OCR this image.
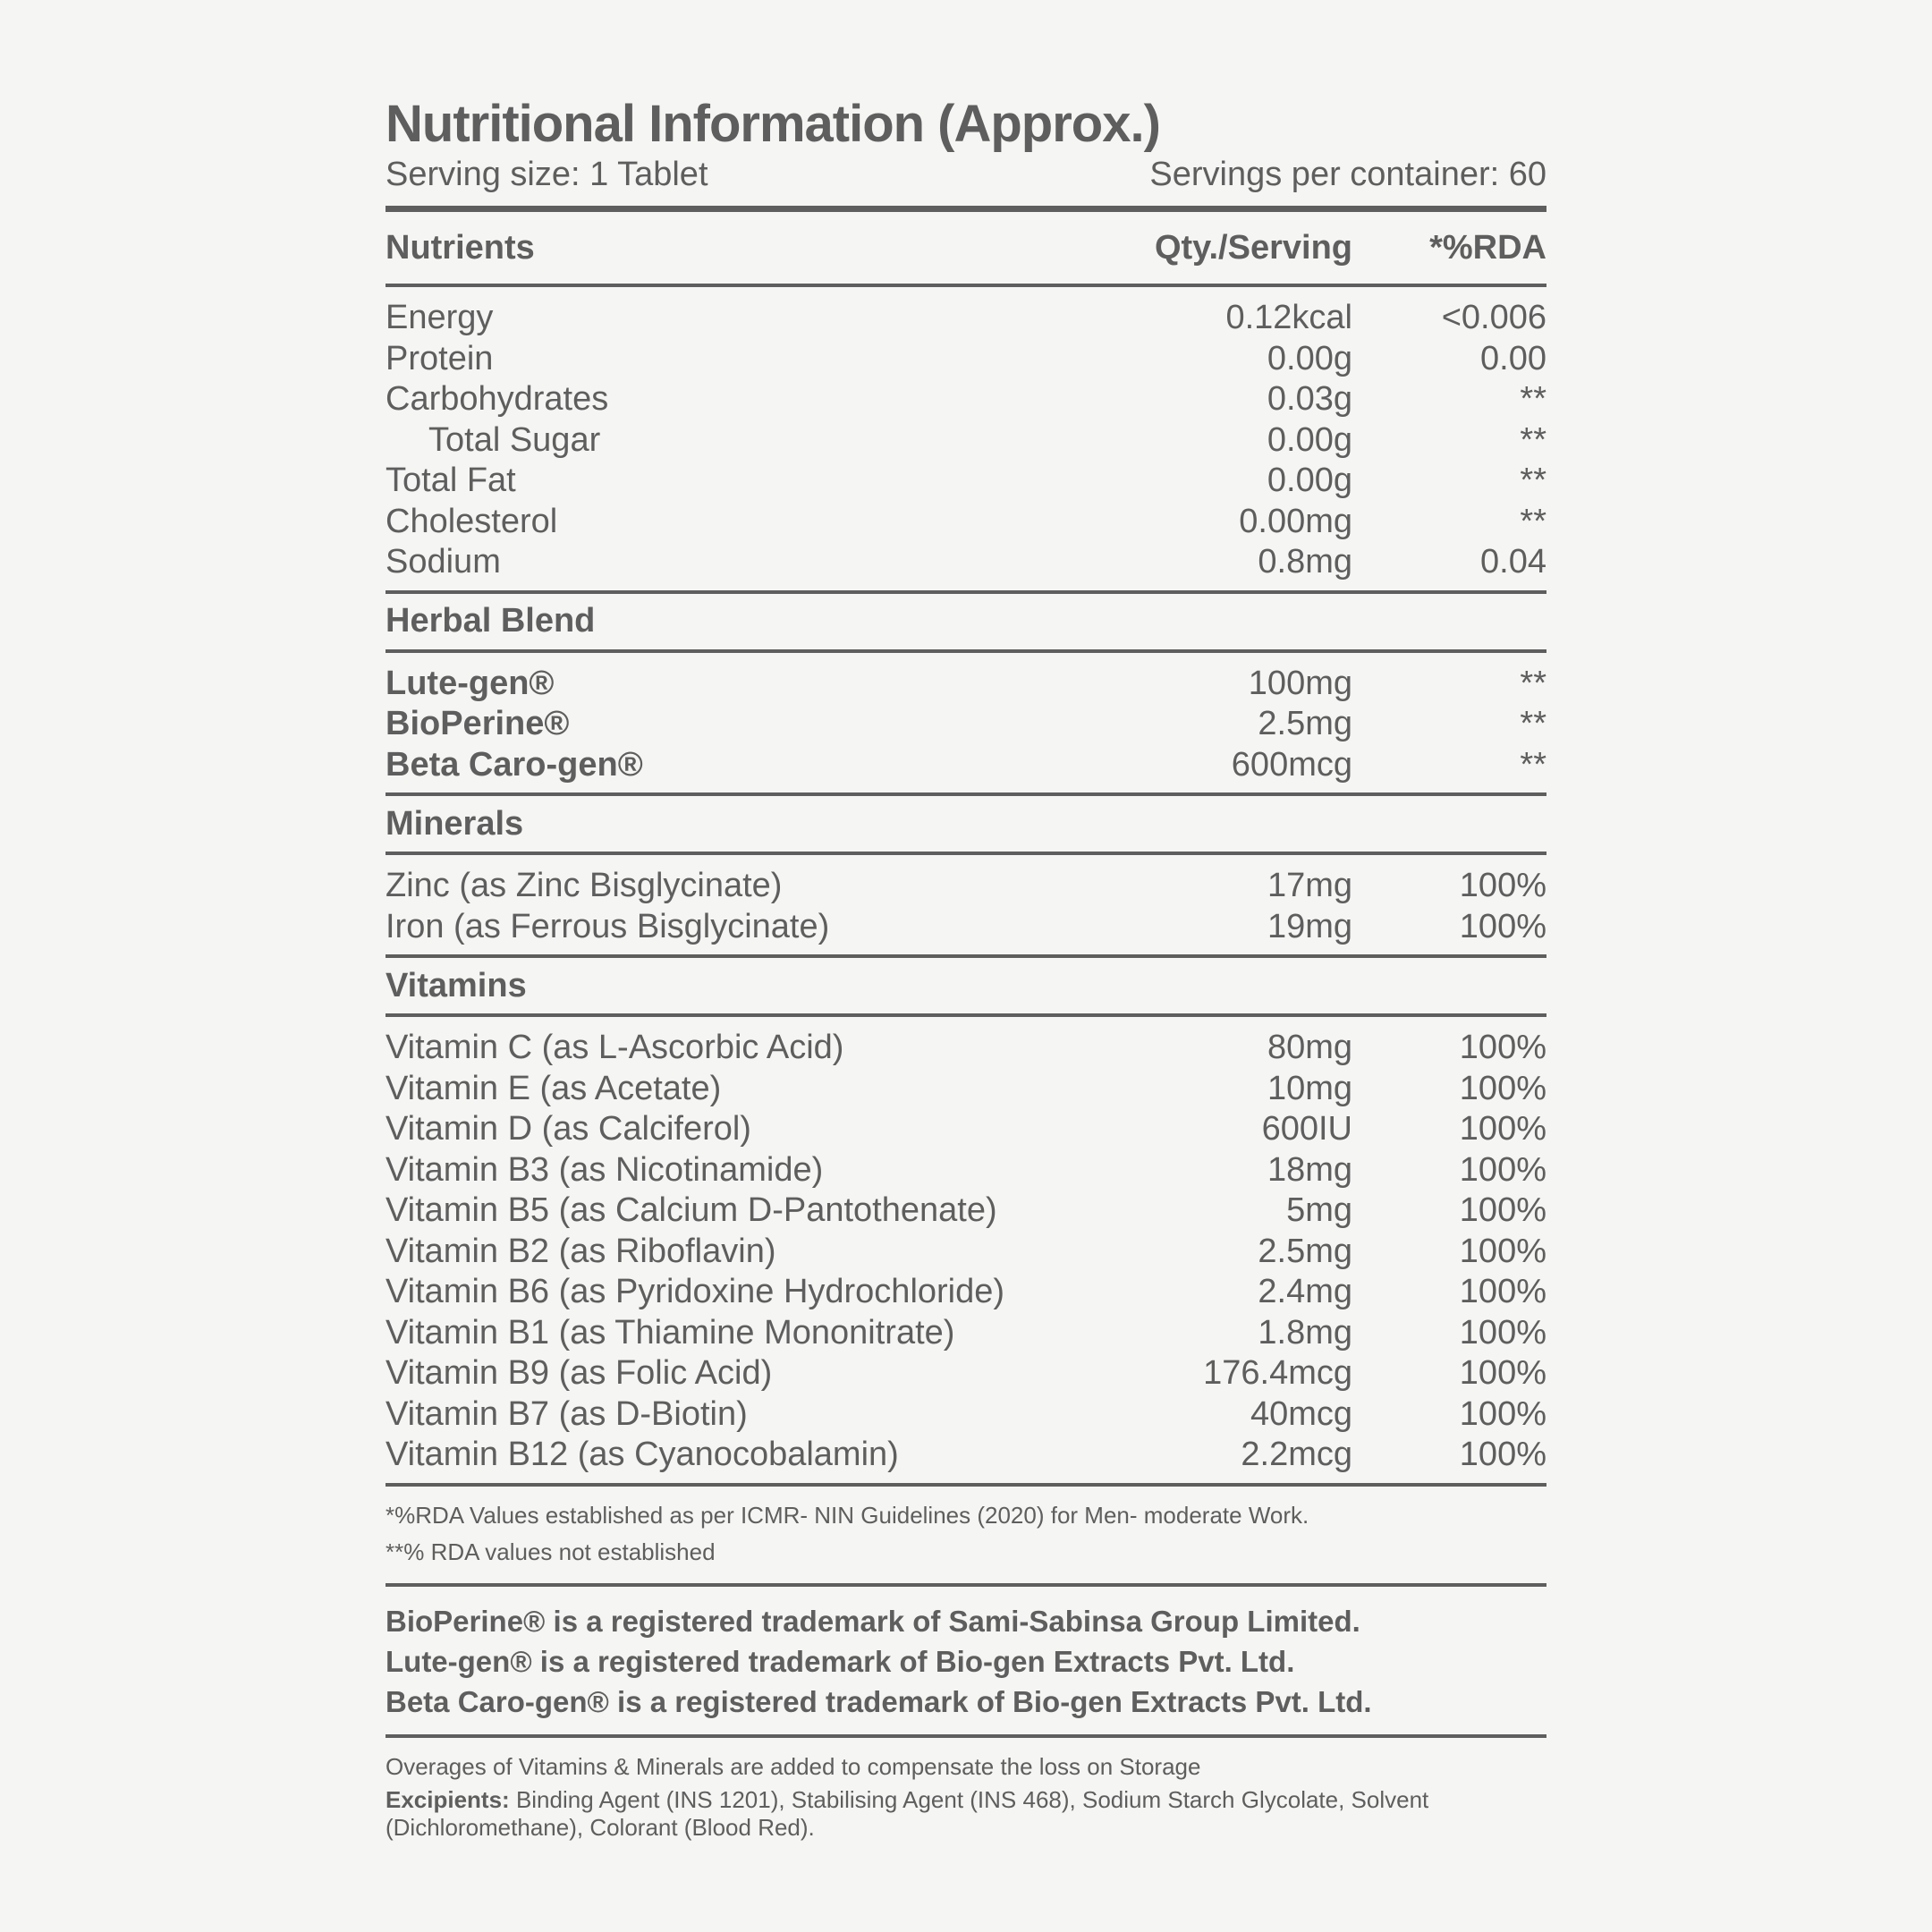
Nutritional Information (Approx.)
Serving size: 1 Tablet	Servings per container: 60
Nutrients	Qty./Serving	*%RDA
Energy	0.12kcal	<0.006
Protein	0.00g	0.00
Carbohydrates	0.03g	**
Total Sugar	0.00g	**
Total Fat	0.00g	**
Cholesterol	0.00mg	**
Sodium	0.8mg	0.04
Herbal Blend
Lute-gen®	100mg	**
BioPerine®	2.5mg	**
Beta Caro-gen®	600mcg	**
Minerals
Zinc (as Zinc Bisglycinate)	17mg	100%
Iron (as Ferrous Bisglycinate)	19mg	100%
Vitamins
Vitamin C (as L-Ascorbic Acid)	80mg	100%
Vitamin E (as Acetate)	10mg	100%
Vitamin D (as Calciferol)	600IU	100%
Vitamin B3 (as Nicotinamide)	18mg	100%
Vitamin B5 (as Calcium D-Pantothenate)	5mg	100%
Vitamin B2 (as Riboflavin)	2.5mg	100%
Vitamin B6 (as Pyridoxine Hydrochloride)	2.4mg	100%
Vitamin B1 (as Thiamine Mononitrate)	1.8mg	100%
Vitamin B9 (as Folic Acid)	176.4mcg	100%
Vitamin B7 (as D-Biotin)	40mcg	100%
Vitamin B12 (as Cyanocobalamin)	2.2mcg	100%
*%RDA Values established as per ICMR- NIN Guidelines (2020) for Men- moderate Work.
**% RDA values not established
BioPerine® is a registered trademark of Sami-Sabinsa Group Limited.
Lute-gen® is a registered trademark of Bio-gen Extracts Pvt. Ltd.
Beta Caro-gen® is a registered trademark of Bio-gen Extracts Pvt. Ltd.
Overages of Vitamins & Minerals are added to compensate the loss on Storage
Excipients: Binding Agent (INS 1201), Stabilising Agent (INS 468), Sodium Starch Glycolate, Solvent (Dichloromethane), Colorant (Blood Red).
